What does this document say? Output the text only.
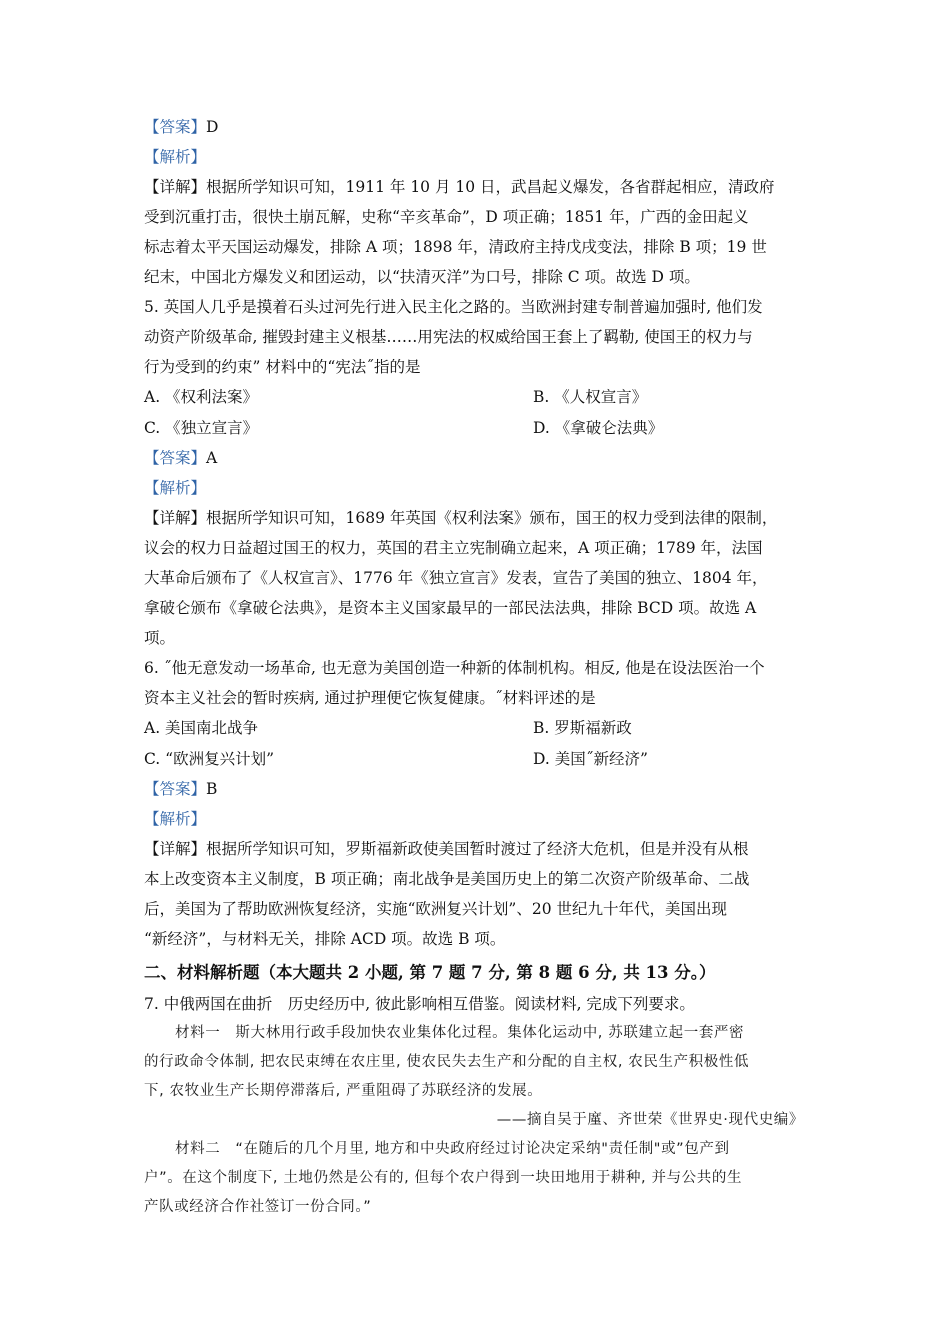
【答案】D
【解析】
【详解】根据所学知识可知，1911 年 10 月 10 日，武昌起义爆发，各省群起相应，清政府
受到沉重打击，很快土崩瓦解，史称“辛亥革命”，D 项正确；1851 年，广西的金田起义
标志着太平天国运动爆发，排除 A 项；1898 年，清政府主持戊戌变法，排除 B 项；19 世
纪末，中国北方爆发义和团运动，以“扶清灭洋”为口号，排除 C 项。故选 D 项。
5. 英国人几乎是摸着石头过河先行进入民主化之路的。当欧洲封建专制普遍加强时, 他们发
动资产阶级革命, 摧毁封建主义根基……用宪法的权威给国王套上了羁勒, 使国王的权力与
行为受到的约束” 材料中的“宪法˝指的是
A. 《权利法案》	B. 《人权宣言》
C. 《独立宣言》	D. 《拿破仑法典》
【答案】A
【解析】
【详解】根据所学知识可知，1689 年英国《权利法案》颁布，国王的权力受到法律的限制，
议会的权力日益超过国王的权力，英国的君主立宪制确立起来，A 项正确；1789 年，法国
大革命后颁布了《人权宣言》、1776 年《独立宣言》发表，宣告了美国的独立、1804 年，
拿破仑颁布《拿破仑法典》，是资本主义国家最早的一部民法法典，排除 BCD 项。故选 A
项。
6. ˝他无意发动一场革命, 也无意为美国创造一种新的体制机构。相反, 他是在设法医治一个
资本主义社会的暂时疾病, 通过护理便它恢复健康。˝材料评述的是
A. 美国南北战争	B. 罗斯福新政
C. “欧洲复兴计划”	D. 美国˝新经济”
【答案】B
【解析】
【详解】根据所学知识可知，罗斯福新政使美国暂时渡过了经济大危机，但是并没有从根
本上改变资本主义制度，B 项正确；南北战争是美国历史上的第二次资产阶级革命、二战
后，美国为了帮助欧洲恢复经济，实施“欧洲复兴计划”、20 世纪九十年代，美国出现
“新经济”，与材料无关，排除 ACD 项。故选 B 项。
二、材料解析题（本大题共 2 小题, 第 7 题 7 分, 第 8 题 6 分, 共 13 分。）
7. 中俄两国在曲折　历史经历中, 彼此影响相互借鉴。阅读材料, 完成下列要求。
材料一　斯大林用行政手段加快农业集体化过程。集体化运动中, 苏联建立起一套严密
的行政命令体制, 把农民束缚在农庄里, 使农民失去生产和分配的自主权, 农民生产积极性低
下, 农牧业生产长期停滞落后, 严重阻碍了苏联经济的发展。
——摘自吴于廑、齐世荣《世界史·现代史编》
材料二　“在随后的几个月里, 地方和中央政府经过讨论决定采纳"责任制"或”包产到
户”。在这个制度下, 土地仍然是公有的, 但每个农户得到一块田地用于耕种, 并与公共的生
产队或经济合作社签订一份合同。”
